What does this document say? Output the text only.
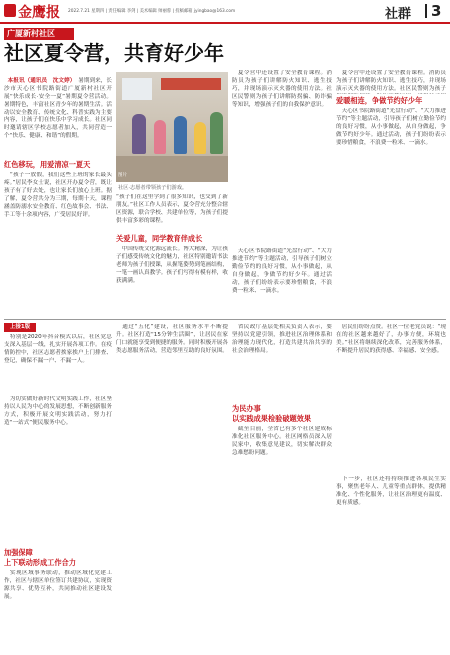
金鹰报 2022.7.21 星期四 | 责任编辑 李剑 | 美术编辑 帅丽蓉 | 投稿邮箱 jyingbao@163.com	社群 3
广厦新村社区
社区夏令营，共育好少年

本报讯（通讯员　沈文婷）　暑期到来，长沙市天心区书院路街道广厦新村社区开展“快乐成长·安全一夏”暑期夏令营活动。暑期特色，丰富社区青少年的暑期生活。活动以安全教育、传统文化、科普实践为主要内容，让孩子们在快乐中学习成长。社区同时邀请辖区学校志愿者加入，共同营造一个“快乐、健康、和谐”的假期。

红色移玩，用爱清凉一夏天
　“孩子一放假，我们这些上班的家长最头疼。”居民李女士说，社区开办夏令营，既让孩子有了好去处，也让家长们放心上班。据了解，夏令营共分为三期，每期十天，课程涵盖防溺水安全教育、红色故事会、书法、手工等十余项内容，广受居民好评。
图片
社区·志愿者带领孩子们游戏。
“孩子们在这里学到了很多知识，也交到了新朋友。”社区工作人员表示，夏令营充分整合辖区资源，联合学校、共建单位等，为孩子们提供丰富多彩的课程。
关爱儿童，同学教育伴成长
　中国传统文化源远流长。博大精深，为让孩子们感受传统文化的魅力，社区特别邀请书法老师为孩子们授课，从握笔姿势到笔画结构，一笔一画认真教学。孩子们写得有模有样，收获满满。
　夏令营中还设置了安全教育课程。消防员为孩子们讲解防火知识、逃生技巧，并现场演示灭火器的使用方法。社区民警则为孩子们讲解防拐骗、防诈骗等知识，增强孩子们的自我保护意识。
　天心区书院路街道“光盘行动”、“大力推进节约”等主题活动，引导孩子们树立勤俭节约的良好习惯，从小事做起，从自身做起，争做节约好少年。通过活动，孩子们纷纷表示要珍惜粮食，不浪费一粒米、一滴水。
爱暖相连，争做节约好少年
　夏令营中还设置了安全教育课程。消防员为孩子们讲解防火知识、逃生技巧，并现场演示灭火器的使用方法。社区民警则为孩子
　天心区书院路街道“光盘行动”、“大力推进节约”等主题活动，引导孩子们树立勤俭节约的良好习惯，从小事做起，从自身做起，争做节约好少年。通过活动，孩子们纷纷表示要珍惜粮食，不浪费一粒米、一滴水。
上接1版
　特别是2020年抖音模式以后，社区党总支深入基层一线，扎实开展各项工作。在疫情防控中，社区志愿者挨家挨户上门排查、登记，确保不漏一户、不漏一人。
　为切实做好新时代文明实践工作，社区坚持以人民为中心的发展思想，不断创新服务方式，积极开展文明实践活动，努力打造“一站式”便民服务中心。
加强保障
上下联动形成工作合力
　实现区域事务联动，推动区域化党建工作，社区与辖区单位签订共建协议，实现资源共享、优势互补，共同推动社区建设发展。
　通过“五化”建设，社区服务水平不断提升。社区打造“15分钟生活圈”，让居民在家门口就能享受到便捷的服务。同时积极开展各类志愿服务活动，营造邻里互助的良好氛围。
　省民政厅基层处相关负责人表示，要坚持以党建引领，推进社区治理体系和治理能力现代化，打造共建共治共享的社会治理格局。
为民办事
以实践成果检验破题效果
　截至目前，全省已有多个社区建成标准化社区服务中心。社区网格员深入居民家中，收集意见建议，切实解决群众急难愁盼问题。
　居民们纷纷点赞。社区一位老党员说：“现在的社区越来越好了，办事方便，环境也美。”社区将继续深化改革，完善服务体系，不断提升居民的获得感、幸福感、安全感。
　下一步，社区还将持续推进各项民生实事，聚焦老年人、儿童等重点群体，提供精准化、个性化服务，让社区治理更有温度、更有质感。
